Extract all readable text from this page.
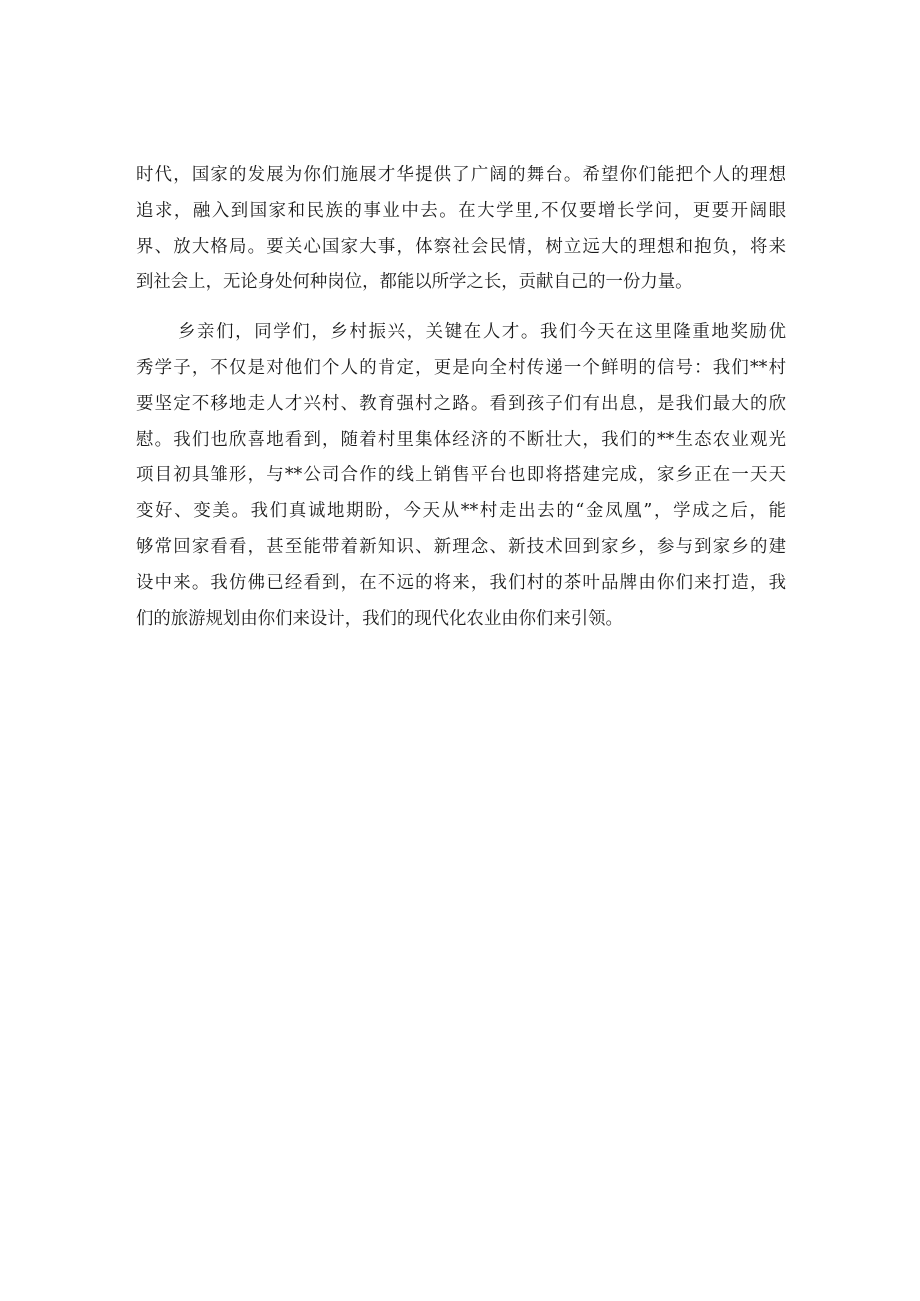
时代，国家的发展为你们施展才华提供了广阔的舞台。希望你们能把个人的理想
追求，融入到国家和民族的事业中去。在大学里,不仅要增长学问，更要开阔眼
界、放大格局。要关心国家大事，体察社会民情，树立远大的理想和抱负，将来
到社会上，无论身处何种岗位，都能以所学之长，贡献自己的一份力量。
乡亲们，同学们，乡村振兴，关键在人才。我们今天在这里隆重地奖励优
秀学子，不仅是对他们个人的肯定，更是向全村传递一个鲜明的信号：我们**村
要坚定不移地走人才兴村、教育强村之路。看到孩子们有出息，是我们最大的欣
慰。我们也欣喜地看到，随着村里集体经济的不断壮大，我们的**生态农业观光
项目初具雏形，与**公司合作的线上销售平台也即将搭建完成，家乡正在一天天
变好、变美。我们真诚地期盼，今天从**村走出去的“金凤凰”，学成之后，能
够常回家看看，甚至能带着新知识、新理念、新技术回到家乡，参与到家乡的建
设中来。我仿佛已经看到，在不远的将来，我们村的茶叶品牌由你们来打造，我
们的旅游规划由你们来设计，我们的现代化农业由你们来引领。
